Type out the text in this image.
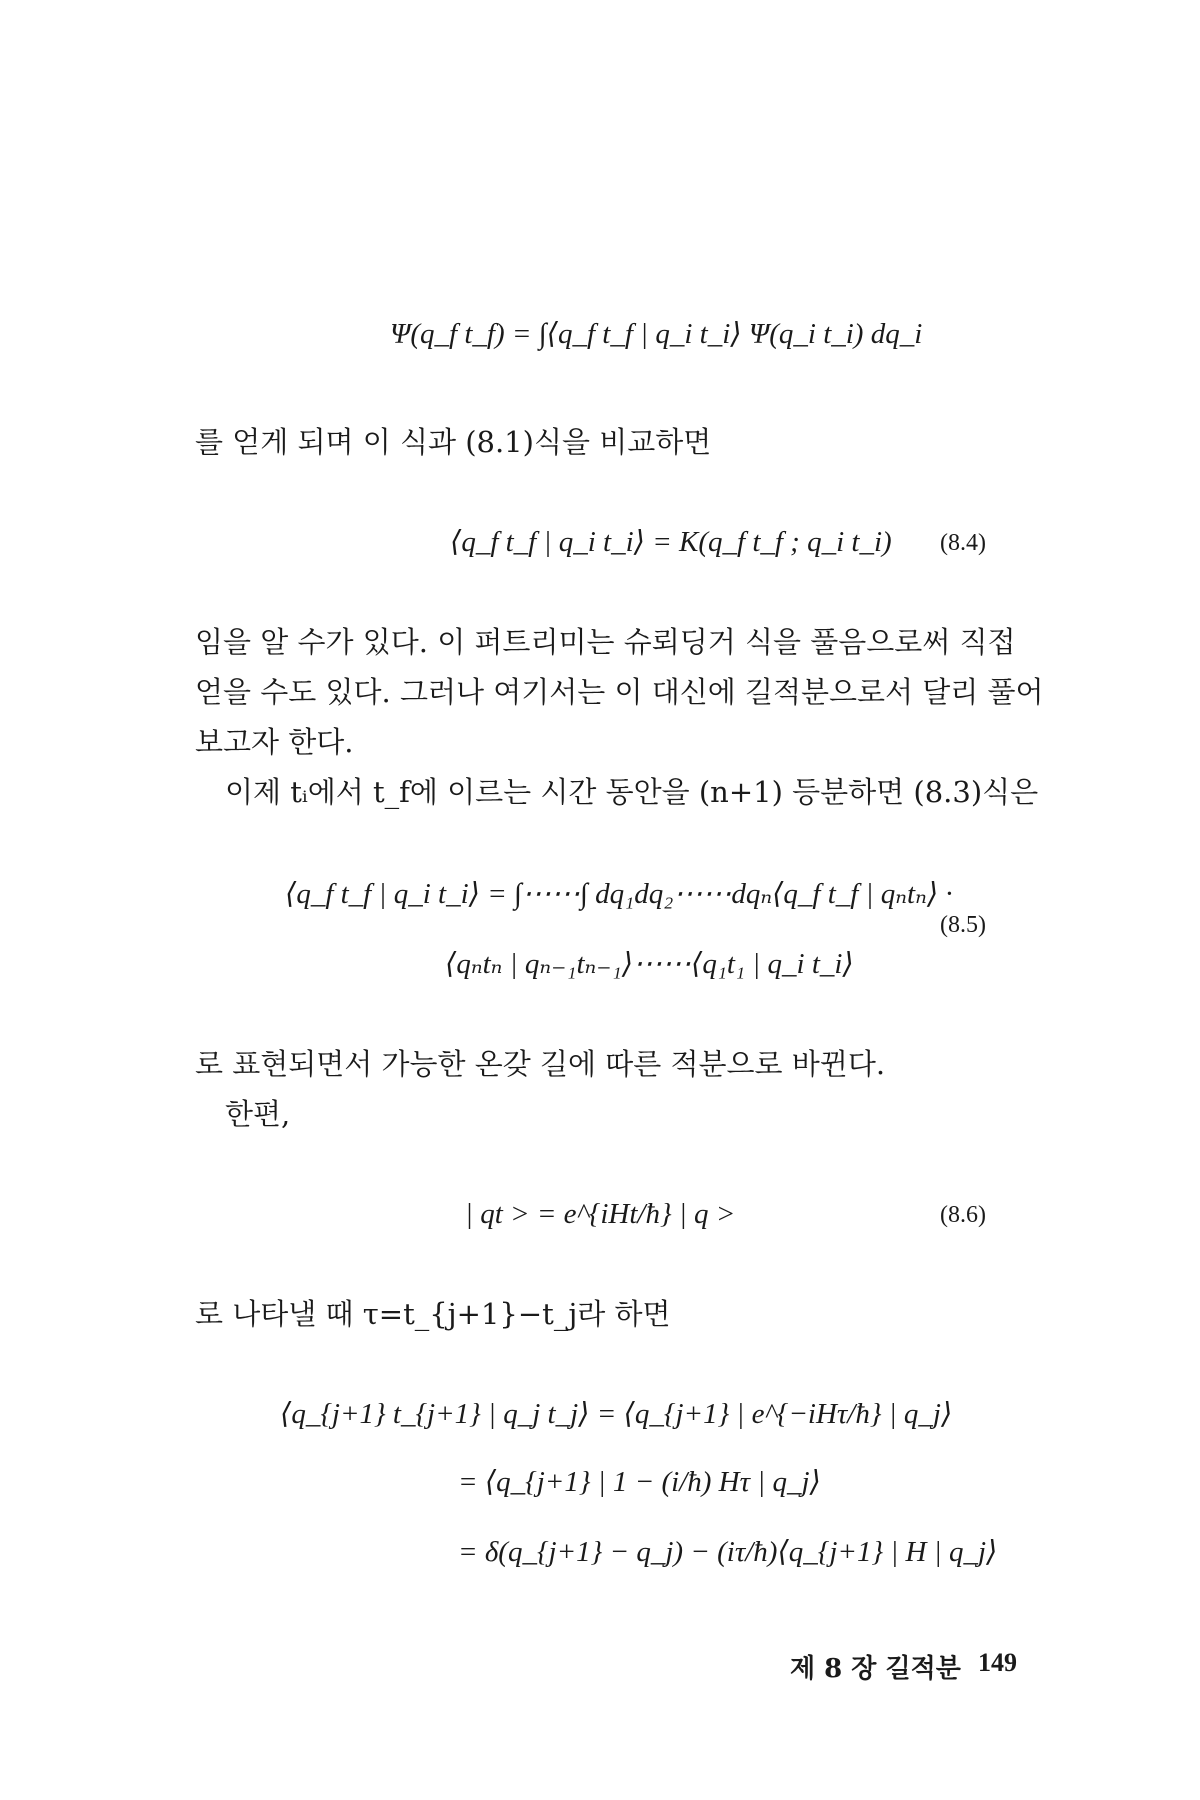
Ψ(q_f t_f) = ∫⟨q_f t_f | q_i t_i⟩ Ψ(q_i t_i) dq_i
를 얻게 되며 이 식과 (8.1)식을 비교하면
⟨q_f t_f | q_i t_i⟩ = K(q_f t_f ; q_i t_i) (8.4)
임을 알 수가 있다. 이 퍼트리미는 슈뢰딩거 식을 풀음으로써 직접
얻을 수도 있다. 그러나 여기서는 이 대신에 길적분으로서 달리 풀어
보고자 한다.
이제 tᵢ에서 t_f에 이르는 시간 동안을 (n+1) 등분하면 (8.3)식은
⟨q_f t_f | q_i t_i⟩ = ∫⋯⋯∫ dq₁dq₂⋯⋯dqₙ⟨q_f t_f | qₙtₙ⟩ ·
⟨qₙtₙ | qₙ₋₁tₙ₋₁⟩⋯⋯⟨q₁t₁ | q_i t_i⟩
(8.5)
로 표현되면서 가능한 온갖 길에 따른 적분으로 바뀐다.
한편,
| qt > = e^{iHt/ħ} | q >	(8.6)
로 나타낼 때 τ=t_{j+1}−t_j라 하면
⟨q_{j+1} t_{j+1} | q_j t_j⟩ = ⟨q_{j+1} | e^{−iHτ/ħ} | q_j⟩
= ⟨q_{j+1} | 1 − (i/ħ) Hτ | q_j⟩
= δ(q_{j+1} − q_j) − (iτ/ħ)⟨q_{j+1} | H | q_j⟩
제 8 장 길적분 149
